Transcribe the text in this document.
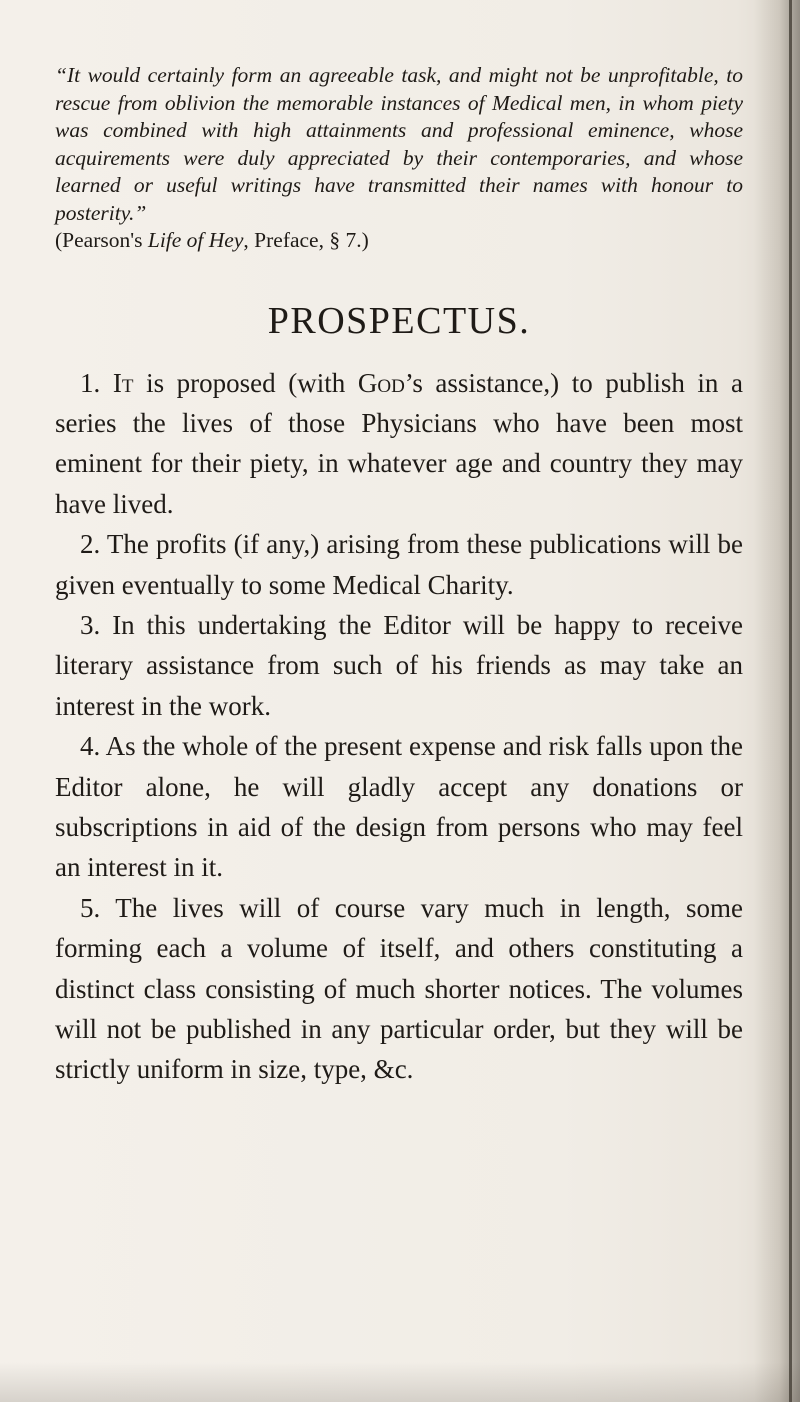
“It would certainly form an agreeable task, and might not be unprofitable, to rescue from oblivion the memorable instances of Medical men, in whom piety was combined with high attainments and professional eminence, whose acquirements were duly appreciated by their contemporaries, and whose learned or useful writings have transmitted their names with honour to posterity.”

(Pearson's Life of Hey, Preface, § 7.)

PROSPECTUS.

1. It is proposed (with God’s assistance,) to publish in a series the lives of those Physicians who have been most eminent for their piety, in whatever age and country they may have lived.

2. The profits (if any,) arising from these publications will be given eventually to some Medical Charity.

3. In this undertaking the Editor will be happy to receive literary assistance from such of his friends as may take an interest in the work.

4. As the whole of the present expense and risk falls upon the Editor alone, he will gladly accept any donations or subscriptions in aid of the design from persons who may feel an interest in it.

5. The lives will of course vary much in length, some forming each a volume of itself, and others constituting a distinct class consisting of much shorter notices. The volumes will not be published in any particular order, but they will be strictly uniform in size, type, &c.
